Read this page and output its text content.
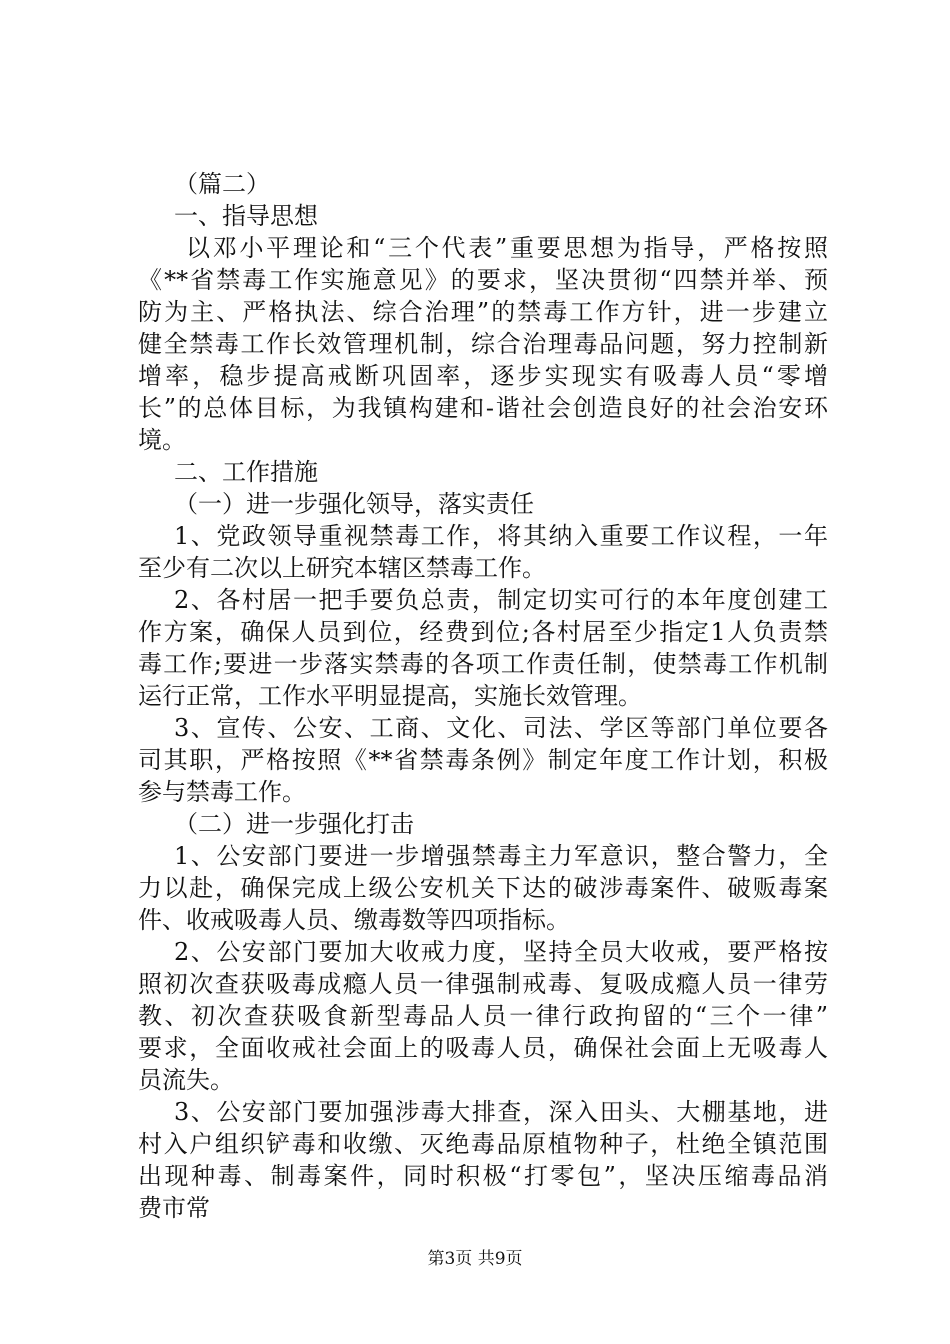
（篇二）
一、指导思想
以邓小平理论和“三个代表”重要思想为指导，严格按照
《**省禁毒工作实施意见》的要求，坚决贯彻“四禁并举、预
防为主、严格执法、综合治理”的禁毒工作方针，进一步建立
健全禁毒工作长效管理机制，综合治理毒品问题，努力控制新
增率，稳步提高戒断巩固率，逐步实现实有吸毒人员“零增
长”的总体目标，为我镇构建和-谐社会创造良好的社会治安环
境。
二、工作措施
（一）进一步强化领导，落实责任
1、党政领导重视禁毒工作，将其纳入重要工作议程，一年
至少有二次以上研究本辖区禁毒工作。
2、各村居一把手要负总责，制定切实可行的本年度创建工
作方案，确保人员到位，经费到位;各村居至少指定1人负责禁
毒工作;要进一步落实禁毒的各项工作责任制，使禁毒工作机制
运行正常，工作水平明显提高，实施长效管理。
3、宣传、公安、工商、文化、司法、学区等部门单位要各
司其职，严格按照《**省禁毒条例》制定年度工作计划，积极
参与禁毒工作。
（二）进一步强化打击
1、公安部门要进一步增强禁毒主力军意识，整合警力，全
力以赴，确保完成上级公安机关下达的破涉毒案件、破贩毒案
件、收戒吸毒人员、缴毒数等四项指标。
2、公安部门要加大收戒力度，坚持全员大收戒，要严格按
照初次查获吸毒成瘾人员一律强制戒毒、复吸成瘾人员一律劳
教、初次查获吸食新型毒品人员一律行政拘留的“三个一律”
要求，全面收戒社会面上的吸毒人员，确保社会面上无吸毒人
员流失。
3、公安部门要加强涉毒大排查，深入田头、大棚基地，进
村入户组织铲毒和收缴、灭绝毒品原植物种子，杜绝全镇范围
出现种毒、制毒案件，同时积极“打零包”，坚决压缩毒品消
费市常
第3页 共9页
